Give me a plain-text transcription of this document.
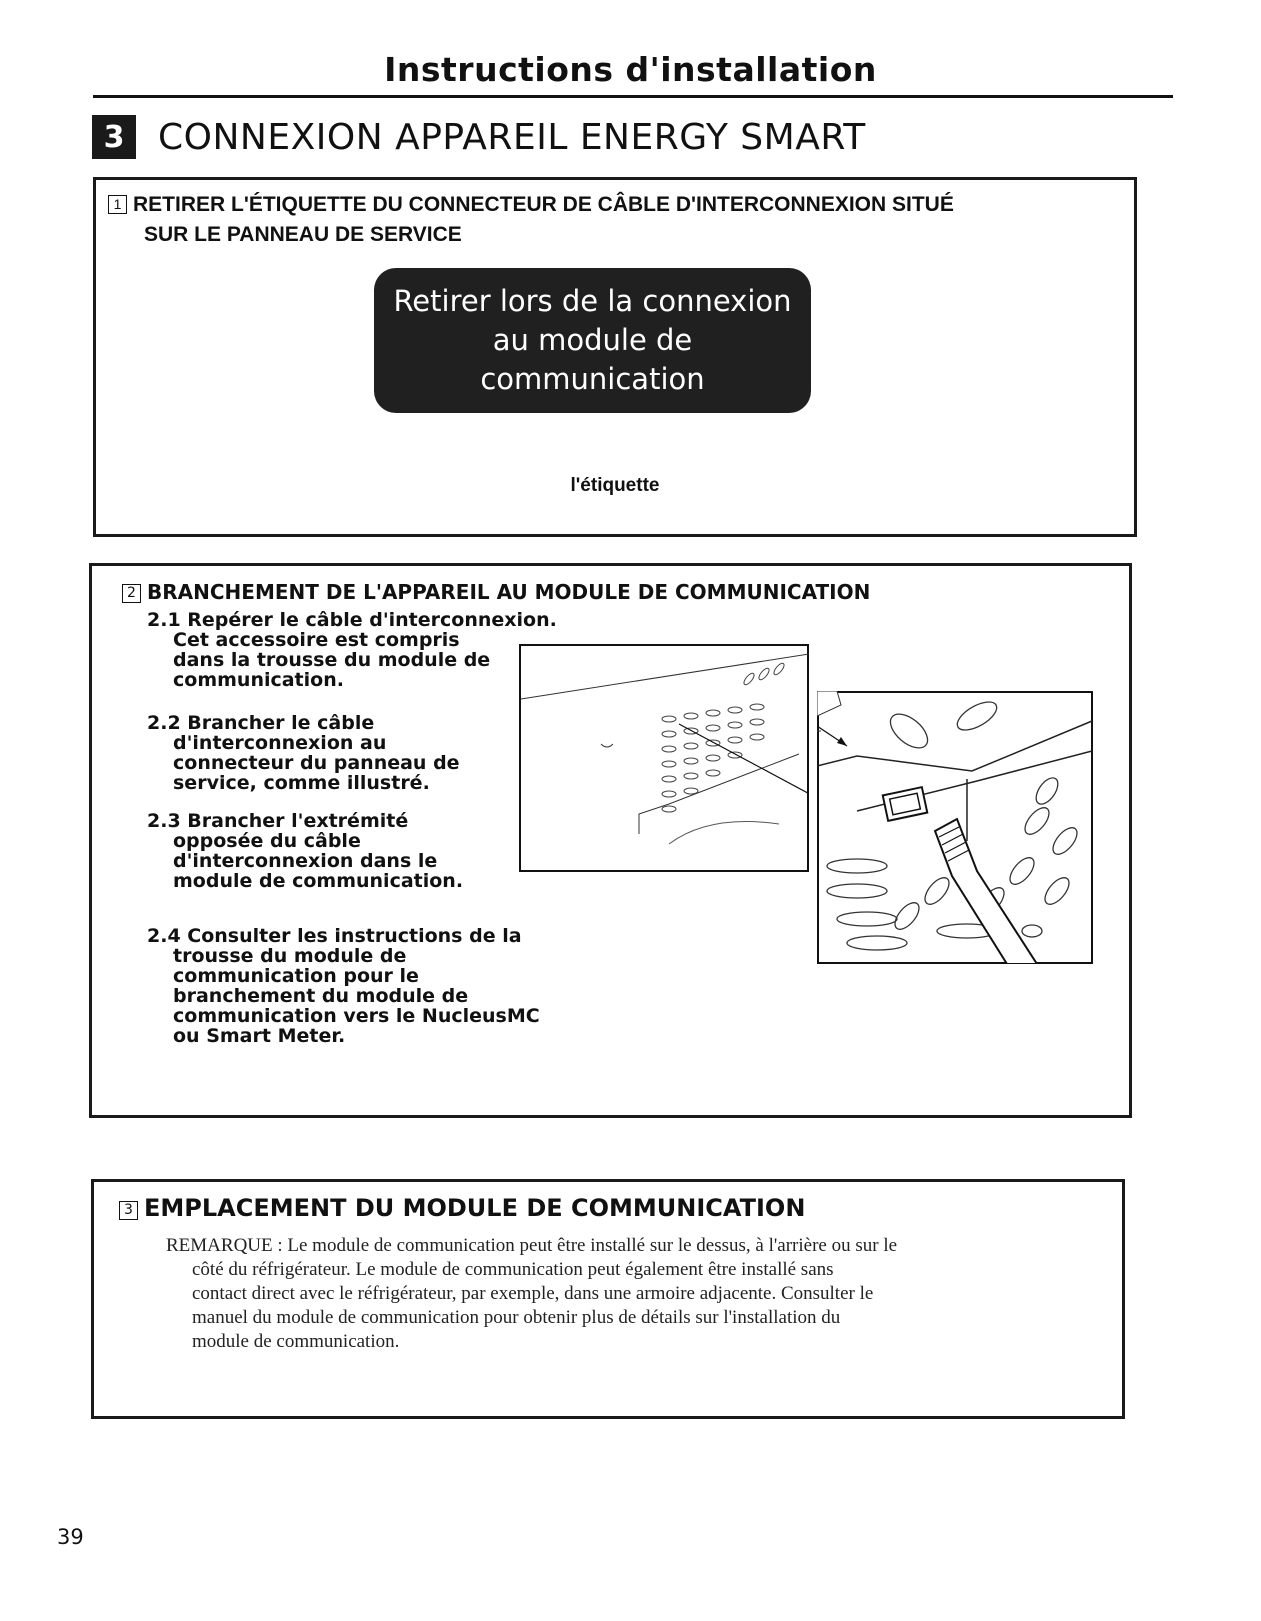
Instructions d'installation
3 CONNEXION APPAREIL ENERGY SMART
1 RETIRER L'ÉTIQUETTE DU CONNECTEUR DE CÂBLE D'INTERCONNEXION SITUÉ
SUR LE PANNEAU DE SERVICE
Retirer lors de la connexion
au module de
communication
l'étiquette
2 BRANCHEMENT DE L'APPAREIL AU MODULE DE COMMUNICATION
2.1 Repérer le câble d'interconnexion.
Cet accessoire est compris
dans la trousse du module de
communication.
2.2 Brancher le câble
d'interconnexion au
connecteur du panneau de
service, comme illustré.
2.3 Brancher l'extrémité
opposée du câble
d'interconnexion dans le
module de communication.
2.4 Consulter les instructions de la
trousse du module de
communication pour le
branchement du module de
communication vers le NucleusMC
ou Smart Meter.
3 EMPLACEMENT DU MODULE DE COMMUNICATION
REMARQUE : Le module de communication peut être installé sur le dessus, à l'arrière ou sur le
côté du réfrigérateur. Le module de communication peut également être installé sans
contact direct avec le réfrigérateur, par exemple, dans une armoire adjacente. Consulter le
manuel du module de communication pour obtenir plus de détails sur l'installation du
module de communication.
39
